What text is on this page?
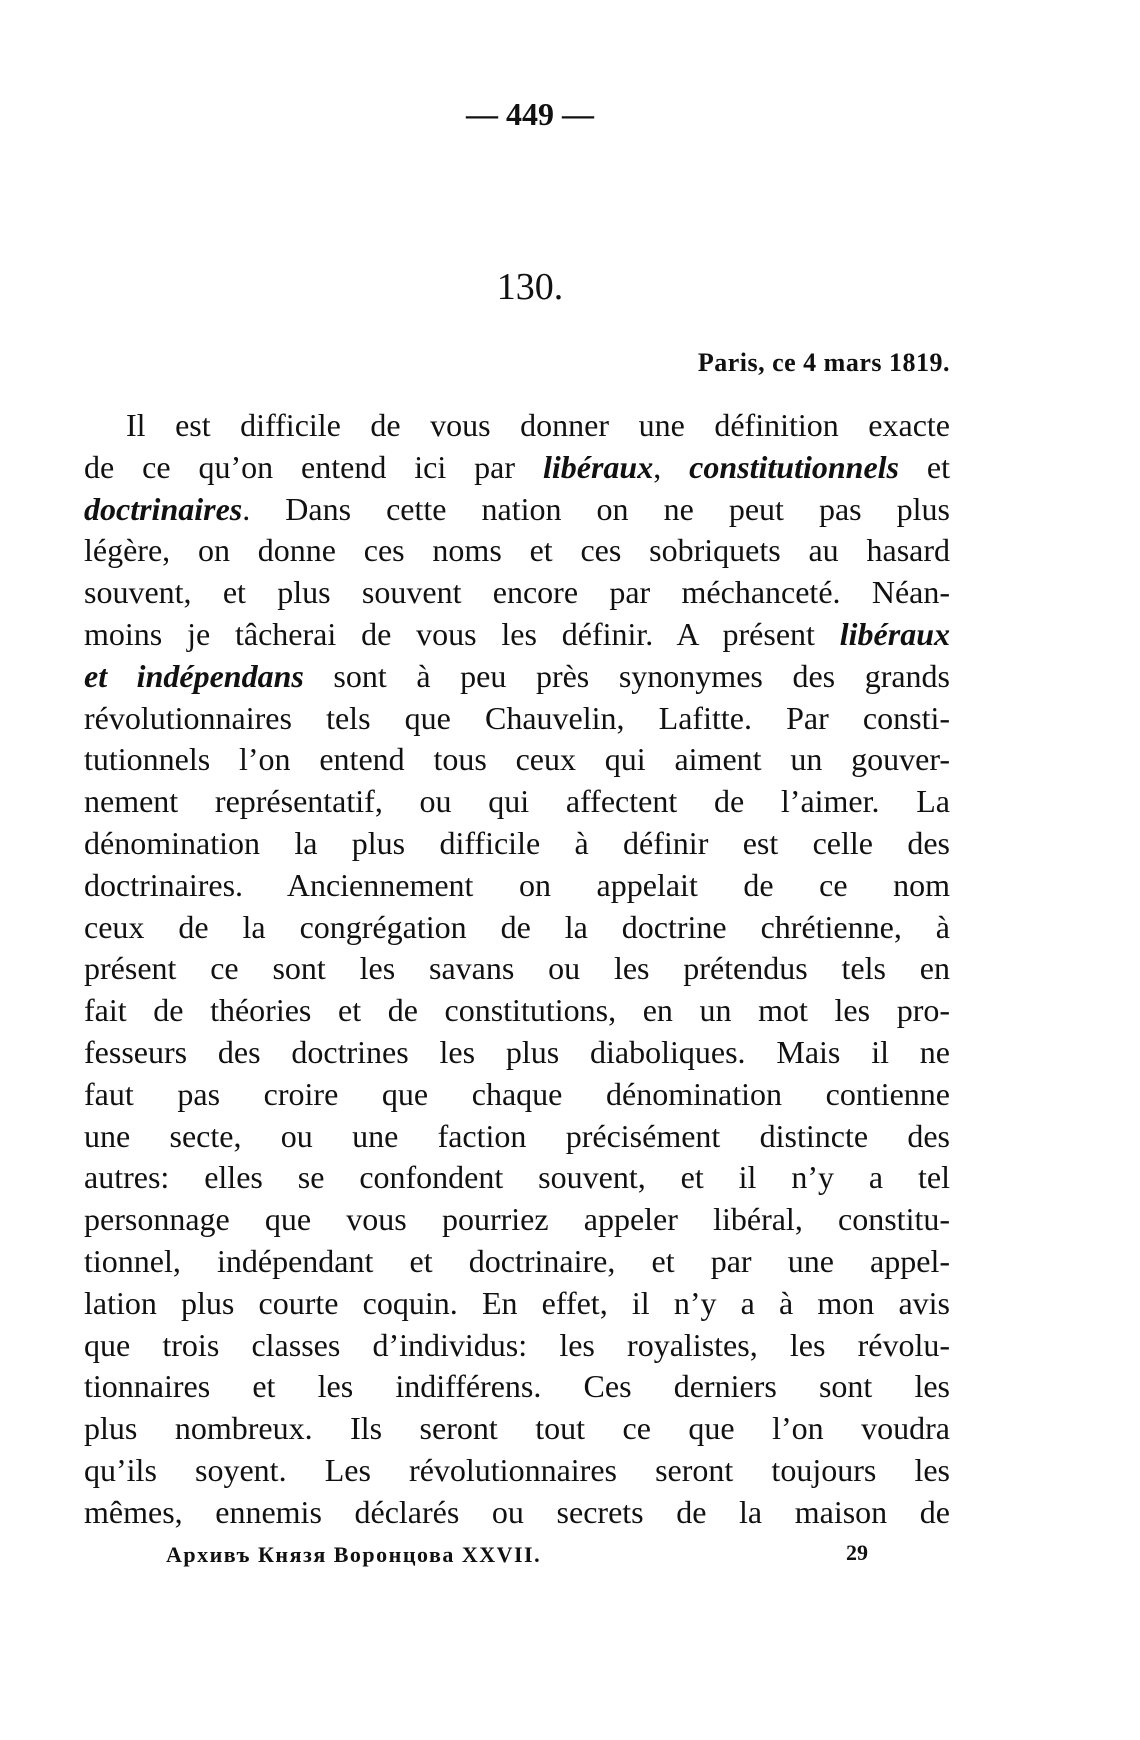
— 449 —
130.
Paris, ce 4 mars 1819.
Il est difficile de vous donner une définition exacte
de ce qu’on entend ici par libéraux, constitutionnels et
doctrinaires. Dans cette nation on ne peut pas plus
légère, on donne ces noms et ces sobriquets au hasard
souvent, et plus souvent encore par méchanceté. Néan-
moins je tâcherai de vous les définir. A présent libéraux
et indépendans sont à peu près synonymes des grands
révolutionnaires tels que Chauvelin, Lafitte. Par consti-
tutionnels l’on entend tous ceux qui aiment un gouver-
nement représentatif, ou qui affectent de l’aimer. La
dénomination la plus difficile à définir est celle des
doctrinaires. Anciennement on appelait de ce nom
ceux de la congrégation de la doctrine chrétienne, à
présent ce sont les savans ou les prétendus tels en
fait de théories et de constitutions, en un mot les pro-
fesseurs des doctrines les plus diaboliques. Mais il ne
faut pas croire que chaque dénomination contienne
une secte, ou une faction précisément distincte des
autres: elles se confondent souvent, et il n’y a tel
personnage que vous pourriez appeler libéral, constitu-
tionnel, indépendant et doctrinaire, et par une appel-
lation plus courte coquin. En effet, il n’y a à mon avis
que trois classes d’individus: les royalistes, les révolu-
tionnaires et les indifférens. Ces derniers sont les
plus nombreux. Ils seront tout ce que l’on voudra
qu’ils soyent. Les révolutionnaires seront toujours les
mêmes, ennemis déclarés ou secrets de la maison de
Архивъ Князя Воронцова XXVII.	29
